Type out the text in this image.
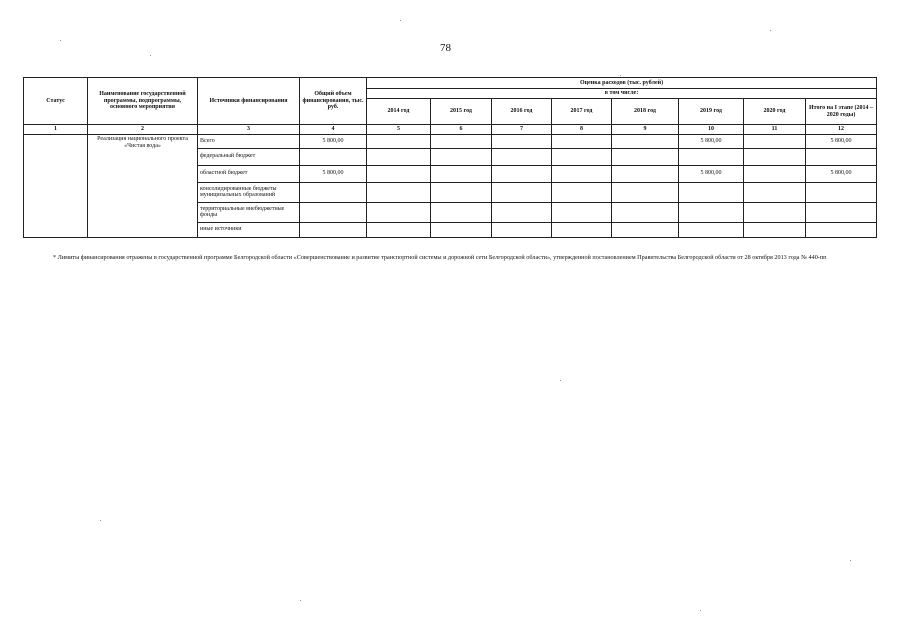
78
Статус	Наименование государственной программы, подпрограммы, основного мероприятия	Источники финансирования	Общий объем финансирования, тыс. руб.	Оценка расходов (тыс. рублей)							
				в том числе:							
				2014 год	2015 год	2016 год	2017 год	2018 год	2019 год	2020 год	Итого на I этапе (2014 – 2020 годы)
1	2	3	4	5	6	7	8	9	10	11	12
	Реализация национального проекта «Чистая вода»	Всего	5 800,00						5 800,00		5 800,00
		федеральный бюджет									
		областной бюджет	5 800,00						5 800,00		5 800,00
		консолидированные бюджеты муниципальных образований									
		территориальные внебюджетные фонды									
		иные источники									
* Лимиты финансирования отражены в государственной программе Белгородской области «Совершенствование и развитие транспортной системы и дорожной сети Белгородской области», утвержденной постановлением Правительства Белгородской области от 28 октября 2013 года № 440-пп
